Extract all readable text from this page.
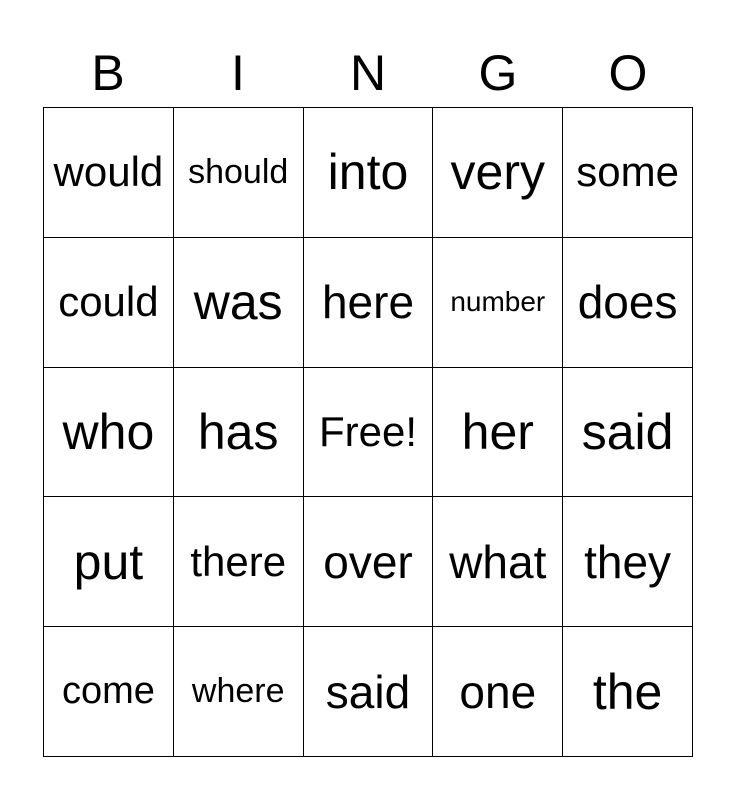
B	I	N	G	O
would should into very some
could was here	number does
who has Free! her said
put	there over what they
come	where said	one	the
